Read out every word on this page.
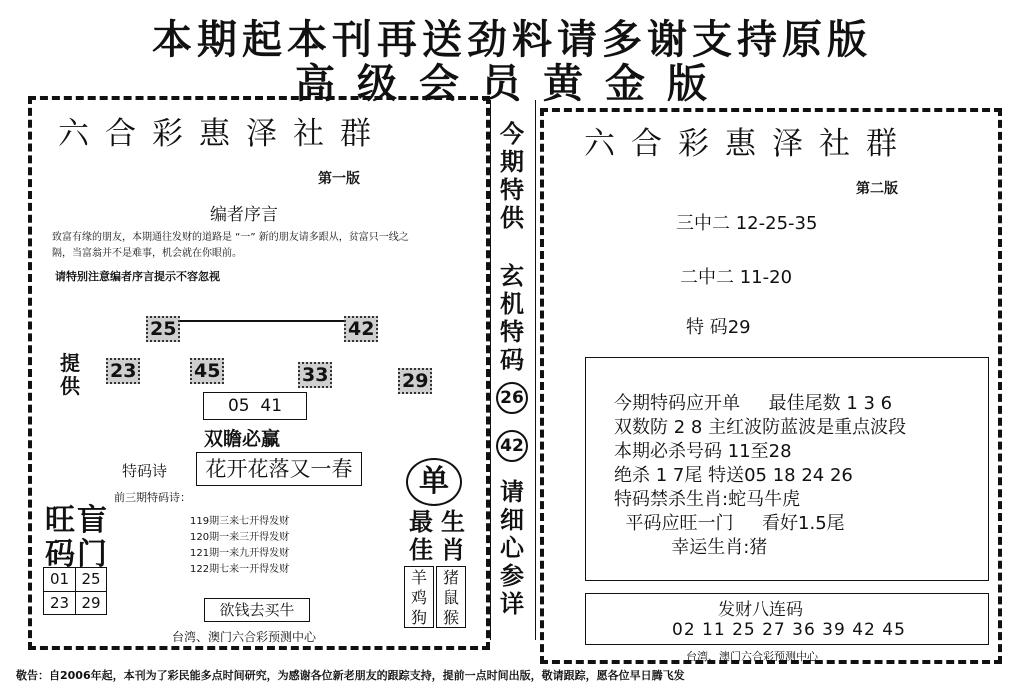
本期起本刊再送劲料请多谢支持原版
高级会员黄金版
六合彩惠泽社群
第一版
编者序言
致富有缘的朋友，本期通往发财的道路是 “一” 新的朋友请多跟从，贫富只一线之隔，当富翁并不是难事，机会就在你眼前。
请特别注意编者序言提示不容忽视
25	42
提供
23	45	33	29
05  41
双瞻必赢
特码诗	花开花落又一春
前三期特码诗：
119期三来七开得发财
120期一来三开得发财
121期一来九开得发财
122期七来一开得发财
旺码
盲门
01 25
23 29
单
最佳
生肖
羊鸡狗
猪鼠猴
欲钱去买牛
台湾、澳门六合彩预测中心
今期特供
玄机特码
26
42
请细心参详
六合彩惠泽社群
第二版
三中二 12-25-35
二中二 11-20
特 码29
今期特码应开单     最佳尾数 1 3 6
双数防 2 8 主红波防蓝波是重点波段
本期必杀号码 11至28
绝杀 1 7尾 特送05 18 24 26
特码禁杀生肖:蛇马牛虎
平码应旺一门     看好1.5尾
幸运生肖:猪
发财八连码
02 11 25 27 36 39 42 45
台湾、澳门六合彩预测中心
敬告：自2006年起，本刊为了彩民能多点时间研究，为感谢各位新老朋友的跟踪支持，提前一点时间出版，敬请跟踪，愿各位早日腾飞发
